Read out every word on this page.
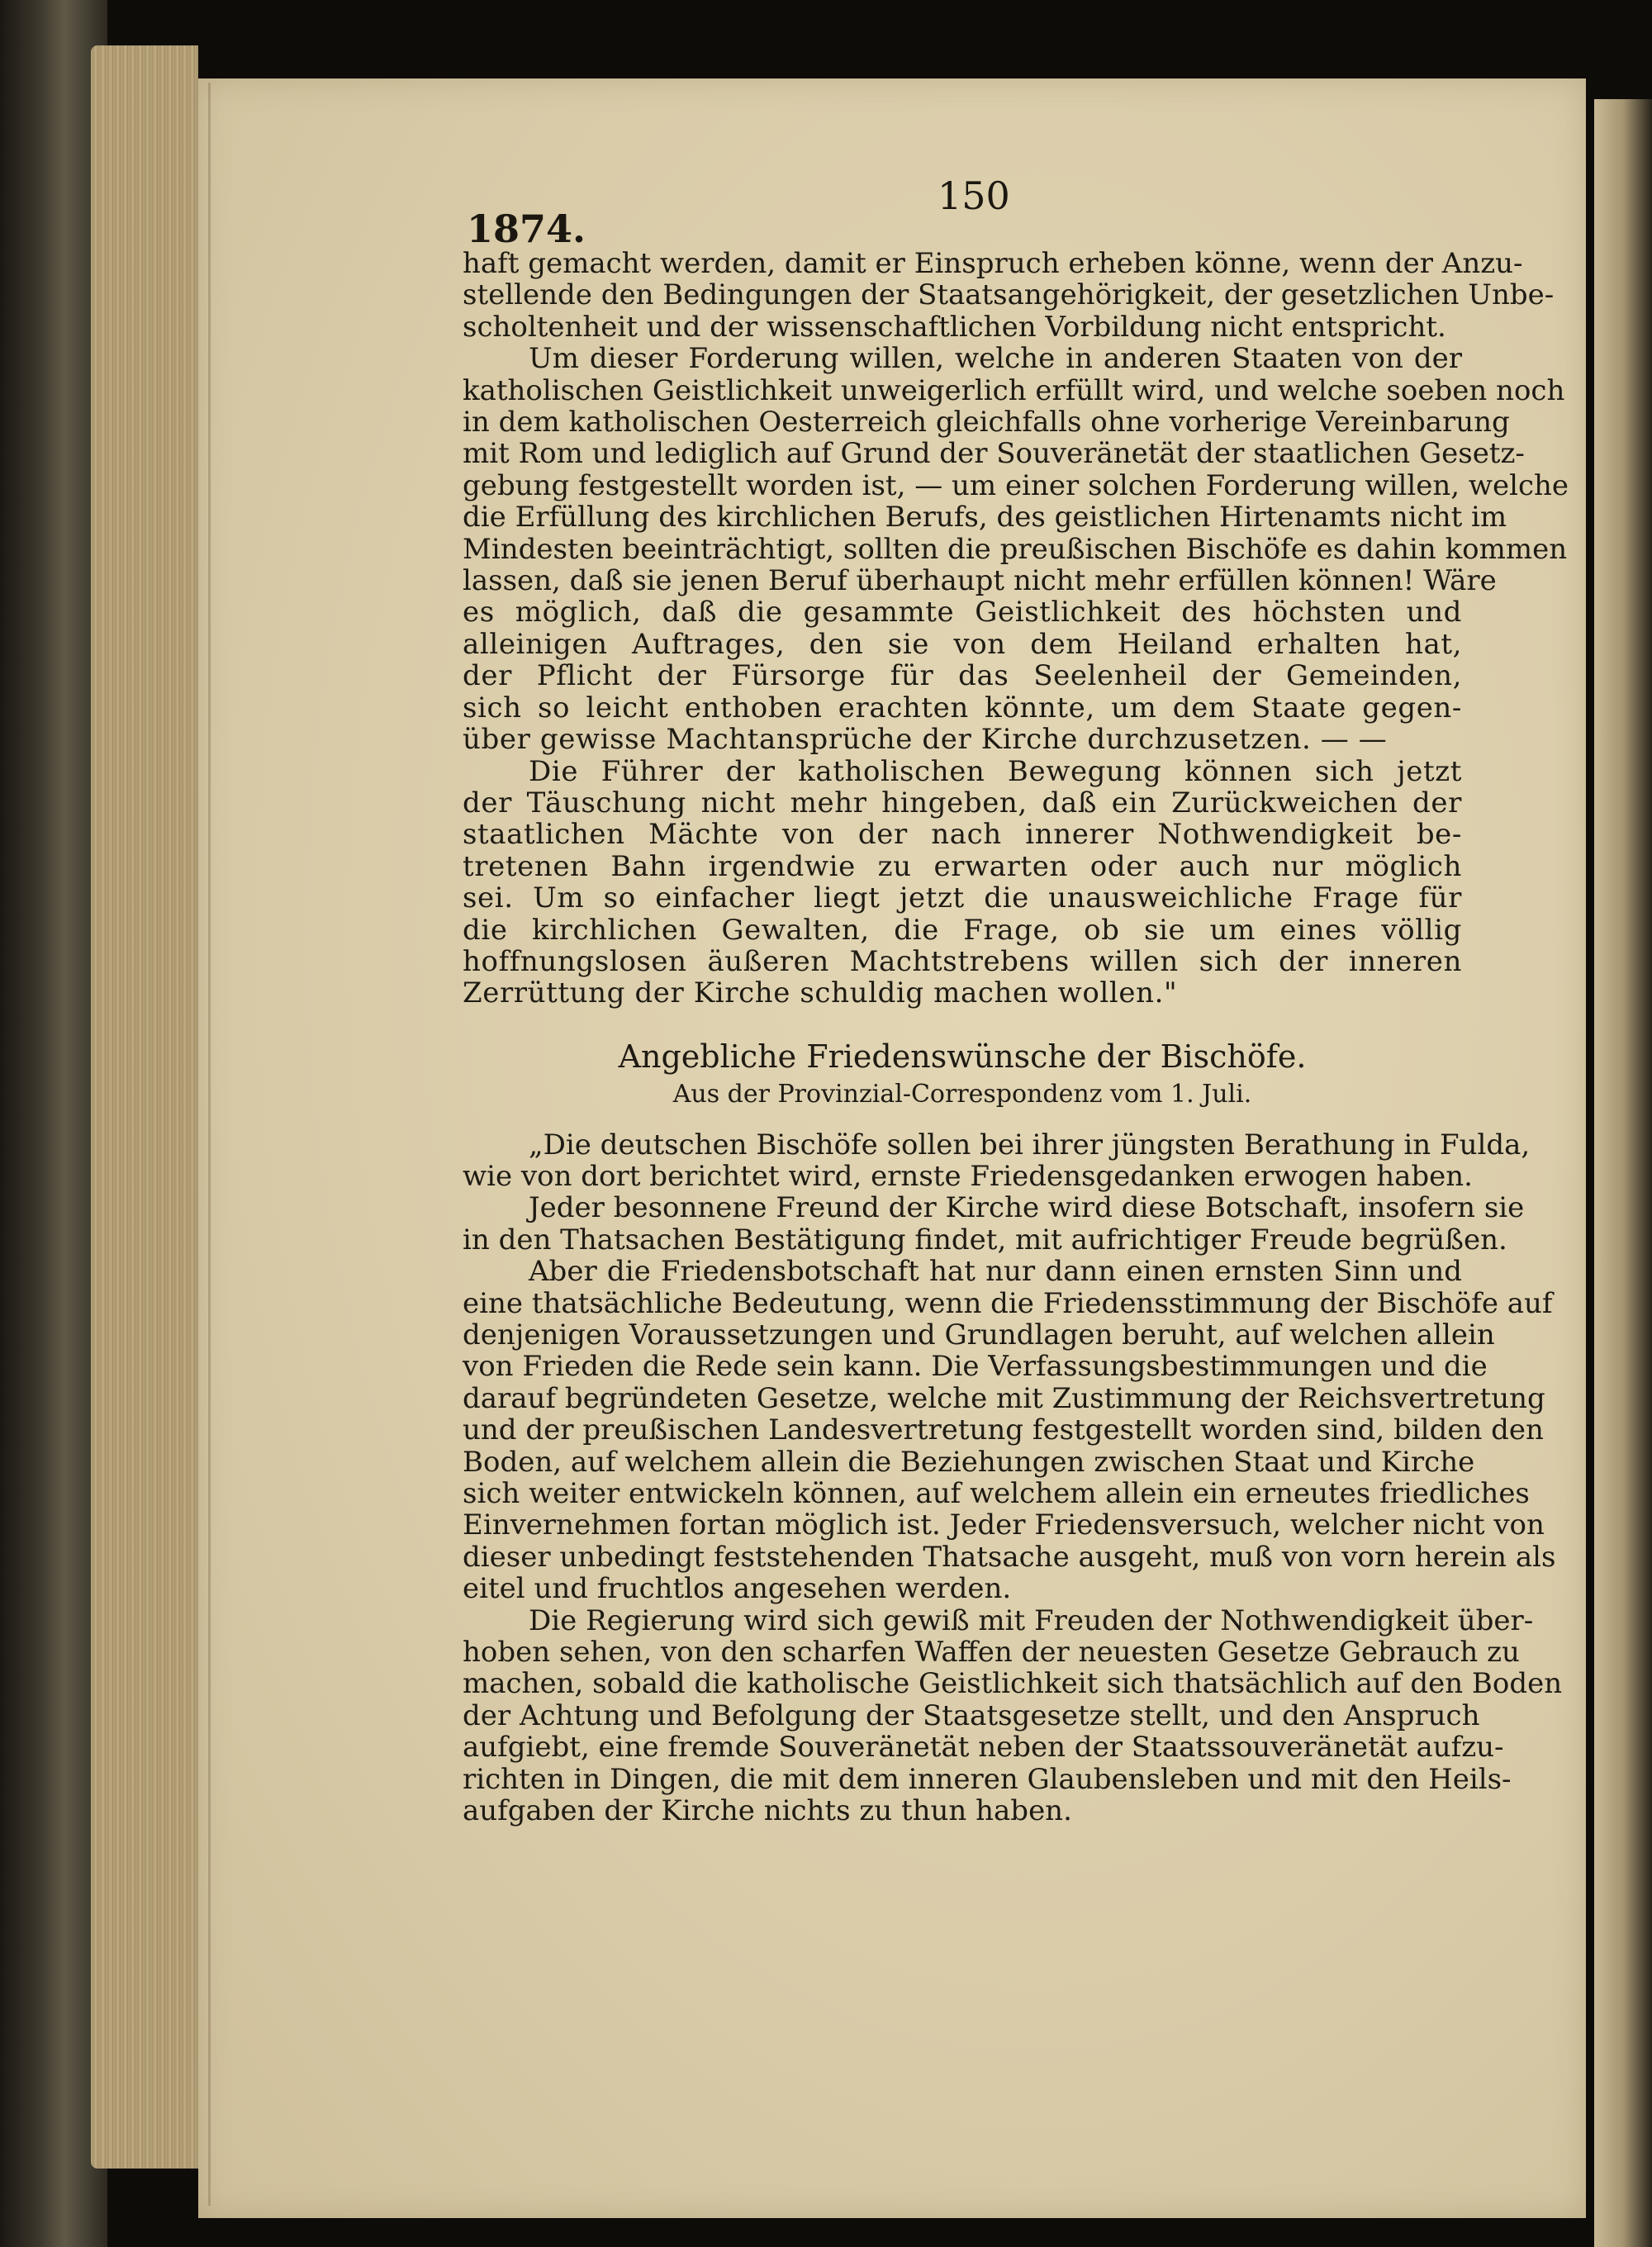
1874.
150
haft gemacht werden, damit er Einspruch erheben könne, wenn der Anzu-
stellende den Bedingungen der Staatsangehörigkeit, der gesetzlichen Unbe-
scholtenheit und der wissenschaftlichen Vorbildung nicht entspricht.
Um dieser Forderung willen, welche in anderen Staaten von der
katholischen Geistlichkeit unweigerlich erfüllt wird, und welche soeben noch
in dem katholischen Oesterreich gleichfalls ohne vorherige Vereinbarung
mit Rom und lediglich auf Grund der Souveränetät der staatlichen Gesetz-
gebung festgestellt worden ist, — um einer solchen Forderung willen, welche
die Erfüllung des kirchlichen Berufs, des geistlichen Hirtenamts nicht im
Mindesten beeinträchtigt, sollten die preußischen Bischöfe es dahin kommen
lassen, daß sie jenen Beruf überhaupt nicht mehr erfüllen können! Wäre
es möglich, daß die gesammte Geistlichkeit des höchsten und
alleinigen Auftrages, den sie von dem Heiland erhalten hat,
der Pflicht der Fürsorge für das Seelenheil der Gemeinden,
sich so leicht enthoben erachten könnte, um dem Staate gegen-
über gewisse Machtansprüche der Kirche durchzusetzen. — —
Die Führer der katholischen Bewegung können sich jetzt
der Täuschung nicht mehr hingeben, daß ein Zurückweichen der
staatlichen Mächte von der nach innerer Nothwendigkeit be-
tretenen Bahn irgendwie zu erwarten oder auch nur möglich
sei. Um so einfacher liegt jetzt die unausweichliche Frage für
die kirchlichen Gewalten, die Frage, ob sie um eines völlig
hoffnungslosen äußeren Machtstrebens willen sich der inneren
Zerrüttung der Kirche schuldig machen wollen."
Angebliche Friedenswünsche der Bischöfe.
Aus der Provinzial-Correspondenz vom 1. Juli.
„Die deutschen Bischöfe sollen bei ihrer jüngsten Berathung in Fulda,
wie von dort berichtet wird, ernste Friedensgedanken erwogen haben.
Jeder besonnene Freund der Kirche wird diese Botschaft, insofern sie
in den Thatsachen Bestätigung findet, mit aufrichtiger Freude begrüßen.
Aber die Friedensbotschaft hat nur dann einen ernsten Sinn und
eine thatsächliche Bedeutung, wenn die Friedensstimmung der Bischöfe auf
denjenigen Voraussetzungen und Grundlagen beruht, auf welchen allein
von Frieden die Rede sein kann. Die Verfassungsbestimmungen und die
darauf begründeten Gesetze, welche mit Zustimmung der Reichsvertretung
und der preußischen Landesvertretung festgestellt worden sind, bilden den
Boden, auf welchem allein die Beziehungen zwischen Staat und Kirche
sich weiter entwickeln können, auf welchem allein ein erneutes friedliches
Einvernehmen fortan möglich ist. Jeder Friedensversuch, welcher nicht von
dieser unbedingt feststehenden Thatsache ausgeht, muß von vorn herein als
eitel und fruchtlos angesehen werden.
Die Regierung wird sich gewiß mit Freuden der Nothwendigkeit über-
hoben sehen, von den scharfen Waffen der neuesten Gesetze Gebrauch zu
machen, sobald die katholische Geistlichkeit sich thatsächlich auf den Boden
der Achtung und Befolgung der Staatsgesetze stellt, und den Anspruch
aufgiebt, eine fremde Souveränetät neben der Staatssouveränetät aufzu-
richten in Dingen, die mit dem inneren Glaubensleben und mit den Heils-
aufgaben der Kirche nichts zu thun haben.
